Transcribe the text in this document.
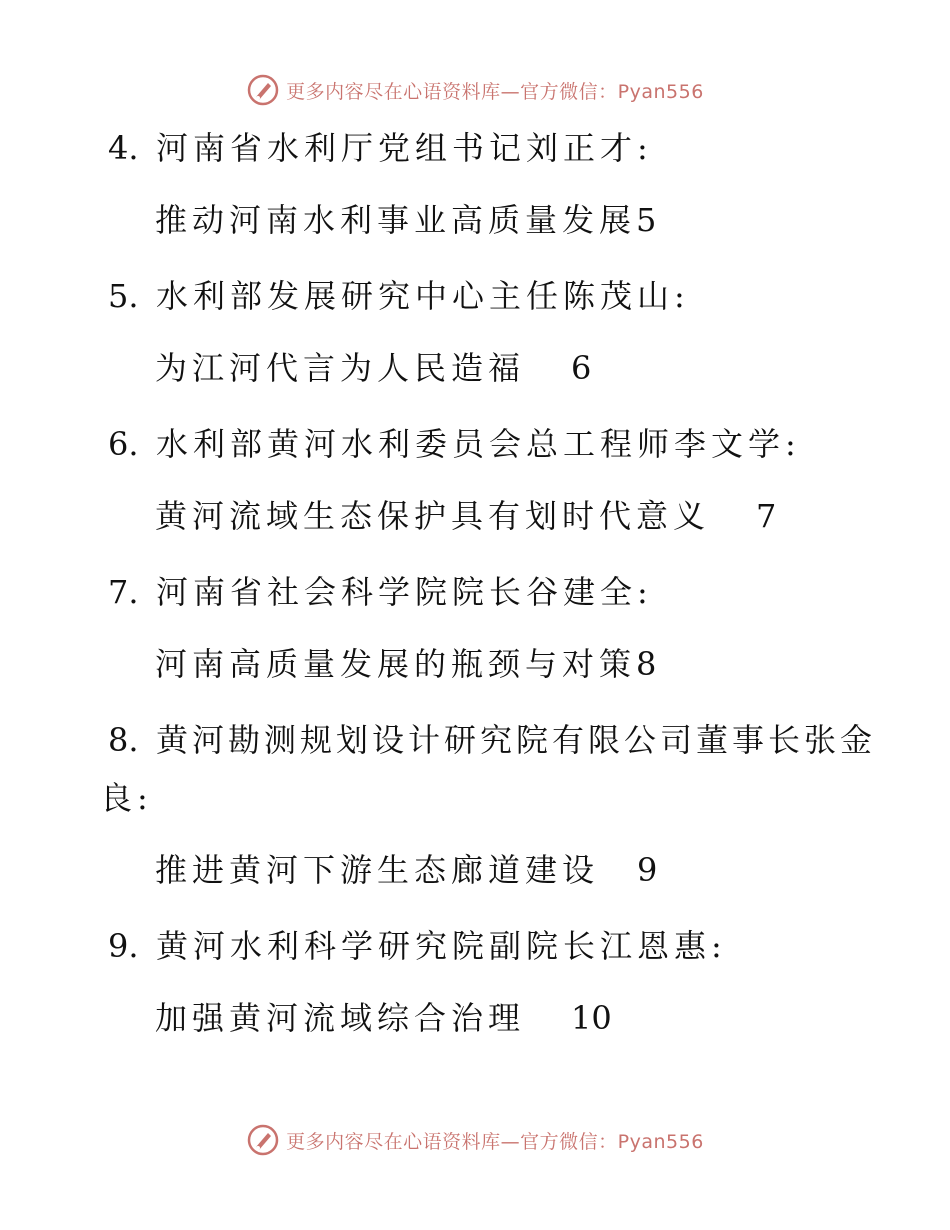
更多内容尽在心语资料库—官方微信：Pyan556
4. 河南省水利厅党组书记刘正才:
推动河南水利事业高质量发展5
5. 水利部发展研究中心主任陈茂山:
为江河代言为人民造福 6
6. 水利部黄河水利委员会总工程师李文学:
黄河流域生态保护具有划时代意义 7
7. 河南省社会科学院院长谷建全:
河南高质量发展的瓶颈与对策8
8. 黄河勘测规划设计研究院有限公司董事长张金
良:
推进黄河下游生态廊道建设 9
9. 黄河水利科学研究院副院长江恩惠:
加强黄河流域综合治理 10
更多内容尽在心语资料库—官方微信：Pyan556
